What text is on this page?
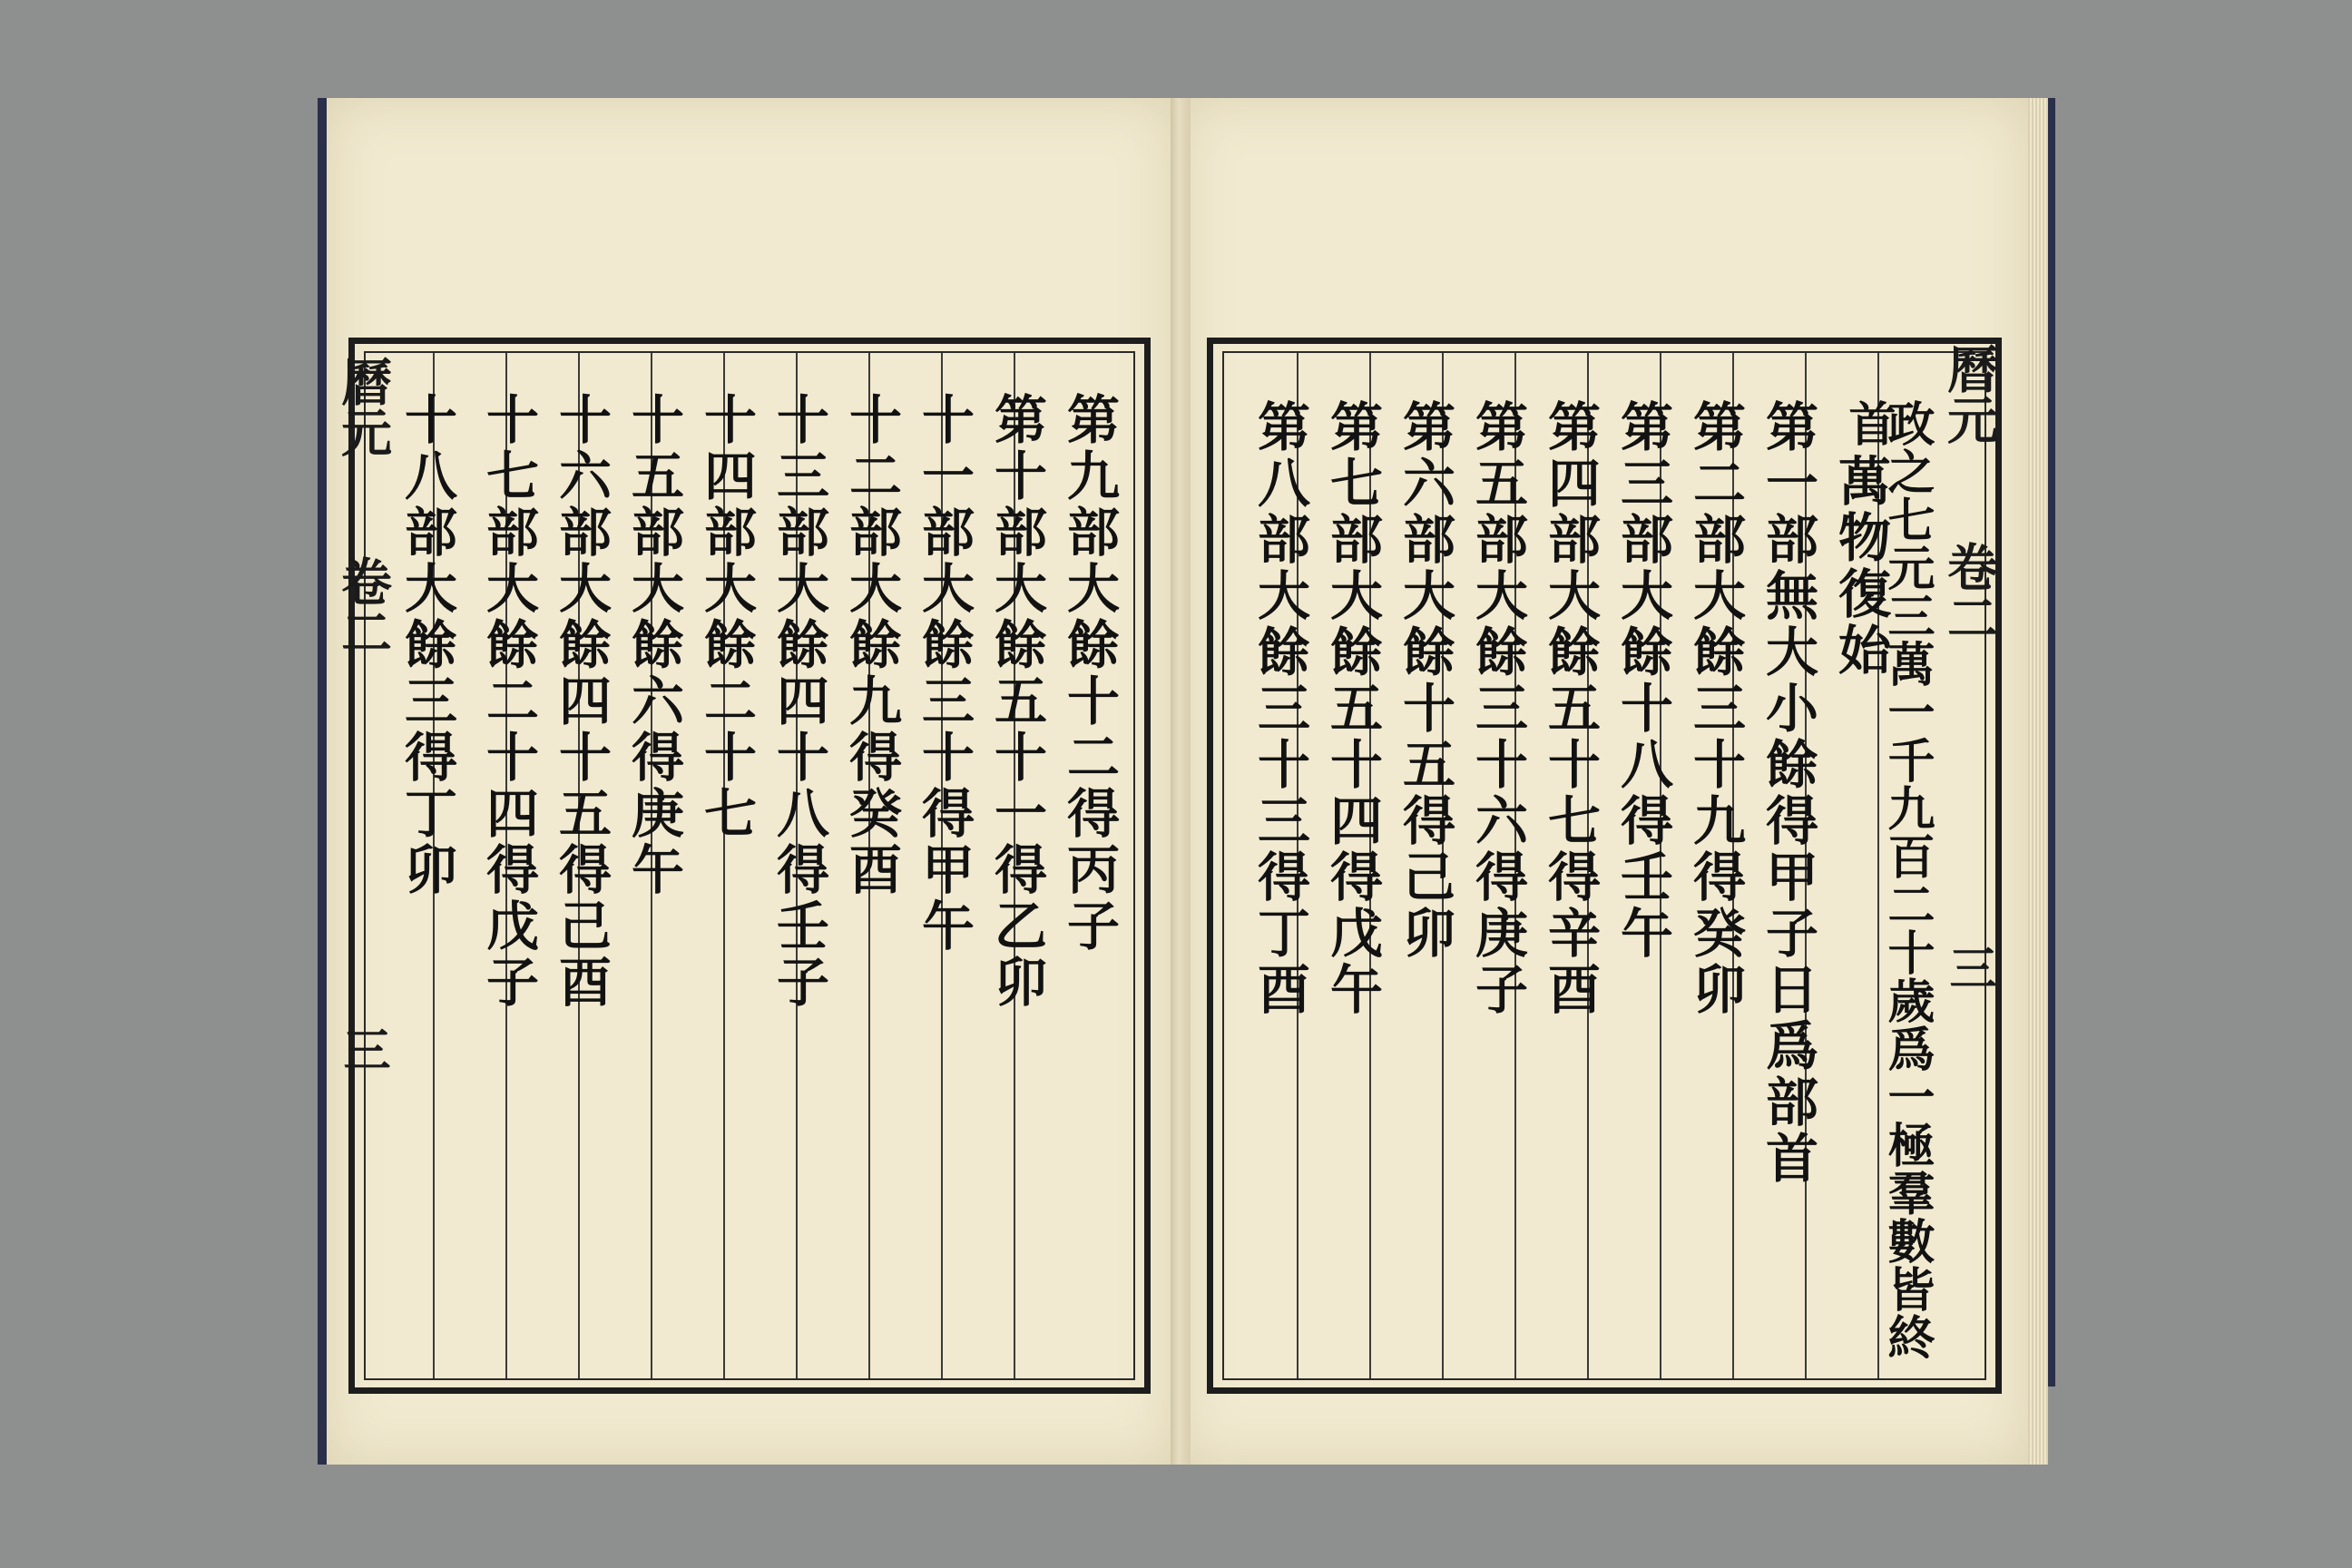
第九部大餘十二得丙子
第十部大餘五十一得乙卯
十一部大餘三十得甲午
十二部大餘九得癸酉
十三部大餘四十八得壬子
十四部大餘二十七
十五部大餘六得庚午
十六部大餘四十五得己酉
十七部大餘二十四得戊子
十八部大餘三得丁卯
曆元
卷二
三	政之七元三萬一千九百二十歲爲一極羣數皆終
首
萬物復始
第一部無大小餘得甲子日爲部首
第二部大餘三十九得癸卯
第三部大餘十八得壬午
第四部大餘五十七得辛酉
第五部大餘三十六得庚子
第六部大餘十五得己卯
第七部大餘五十四得戊午
第八部大餘三十三得丁酉
曆元
卷二
三
